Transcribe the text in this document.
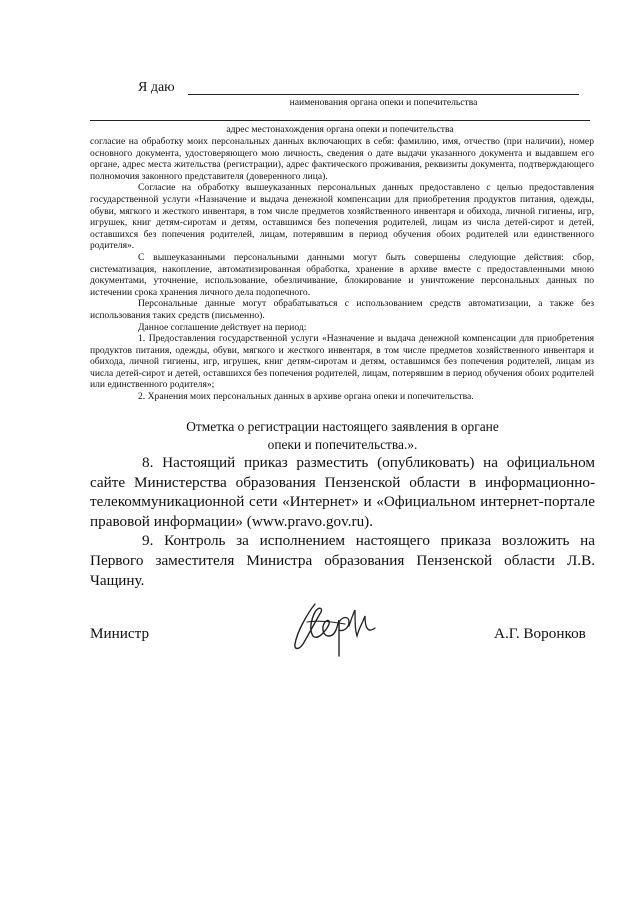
Я даю
наименования органа опеки и попечительства
адрес местонахождения органа опеки и попечительства

согласие на обработку моих персональных данных включающих в себя: фамилию, имя, отчество (при наличии), номер основного документа, удостоверяющего мою личность, сведения о дате выдачи указанного документа и выдавшем его органе, адрес места жительства (регистрации), адрес фактического проживания, реквизиты документа, подтверждающего полномочия законного представителя (доверенного лица).

Согласие на обработку вышеуказанных персональных данных предоставлено с целью предоставления государственной услуги «Назначение и выдача денежной компенсации для приобретения продуктов питания, одежды, обуви, мягкого и жесткого инвентаря, в том числе предметов хозяйственного инвентаря и обихода, личной гигиены, игр, игрушек, книг детям-сиротам и детям, оставшимся без попечения родителей, лицам из числа детей-сирот и детей, оставшихся без попечения родителей, лицам, потерявшим в период обучения обоих родителей или единственного родителя».

С вышеуказанными персональными данными могут быть совершены следующие действия: сбор, систематизация, накопление, автоматизированная обработка, хранение в архиве вместе с предоставленными мною документами, уточнение, использование, обезличивание, блокирование и уничтожение персональных данных по истечении срока хранения личного дела подопечного.

Персональные данные могут обрабатываться с использованием средств автоматизации, а также без использования таких средств (письменно).

Данное соглашение действует на период:

1. Предоставления государственной услуги «Назначение и выдача денежной компенсации для приобретения продуктов питания, одежды, обуви, мягкого и жесткого инвентаря, в том числе предметов хозяйственного инвентаря и обихода, личной гигиены, игр, игрушек, книг детям-сиротам и детям, оставшимся без попечения родителей, лицам из числа детей-сирот и детей, оставшихся без попечения родителей, лицам, потерявшим в период обучения обоих родителей или единственного родителя»;

2. Хранения моих персональных данных в архиве органа опеки и попечительства.

Отметка о регистрации настоящего заявления в органе
опеки и попечительства.».

8. Настоящий приказ разместить (опубликовать) на официальном сайте Министерства образования Пензенской области в информационно-телекоммуникационной сети «Интернет» и «Официальном интернет-портале правовой информации» (www.pravo.gov.ru).

9. Контроль за исполнением настоящего приказа возложить на Первого заместителя Министра образования Пензенской области Л.В. Чащину.

Министр	А.Г. Воронков
